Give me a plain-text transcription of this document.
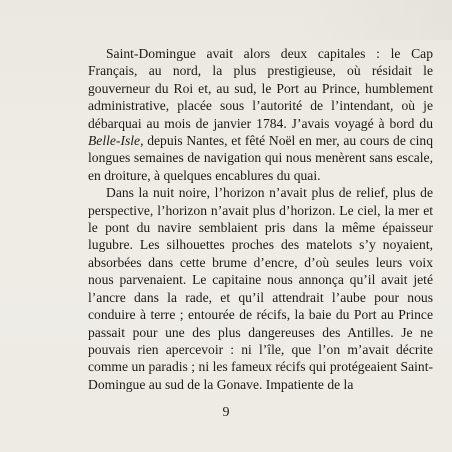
Saint-Domingue avait alors deux capitales : le Cap Français, au nord, la plus prestigieuse, où résidait le gouverneur du Roi et, au sud, le Port au Prince, humblement administrative, placée sous l’autorité de l’intendant, où je débarquai au mois de janvier 1784. J’avais voyagé à bord du Belle-Isle, depuis Nantes, et fêté Noël en mer, au cours de cinq longues semaines de navigation qui nous menèrent sans escale, en droiture, à quelques encablures du quai.

Dans la nuit noire, l’horizon n’avait plus de relief, plus de perspective, l’horizon n’avait plus d’horizon. Le ciel, la mer et le pont du navire semblaient pris dans la même épaisseur lugubre. Les silhouettes proches des matelots s’y noyaient, absorbées dans cette brume d’encre, d’où seules leurs voix nous parvenaient. Le capitaine nous annonça qu’il avait jeté l’ancre dans la rade, et qu’il attendrait l’aube pour nous conduire à terre ; entourée de récifs, la baie du Port au Prince passait pour une des plus dangereuses des Antilles. Je ne pouvais rien apercevoir : ni l’île, que l’on m’avait décrite comme un paradis ; ni les fameux récifs qui protégeaient Saint-Domingue au sud de la Gonave. Impatiente de la

9
